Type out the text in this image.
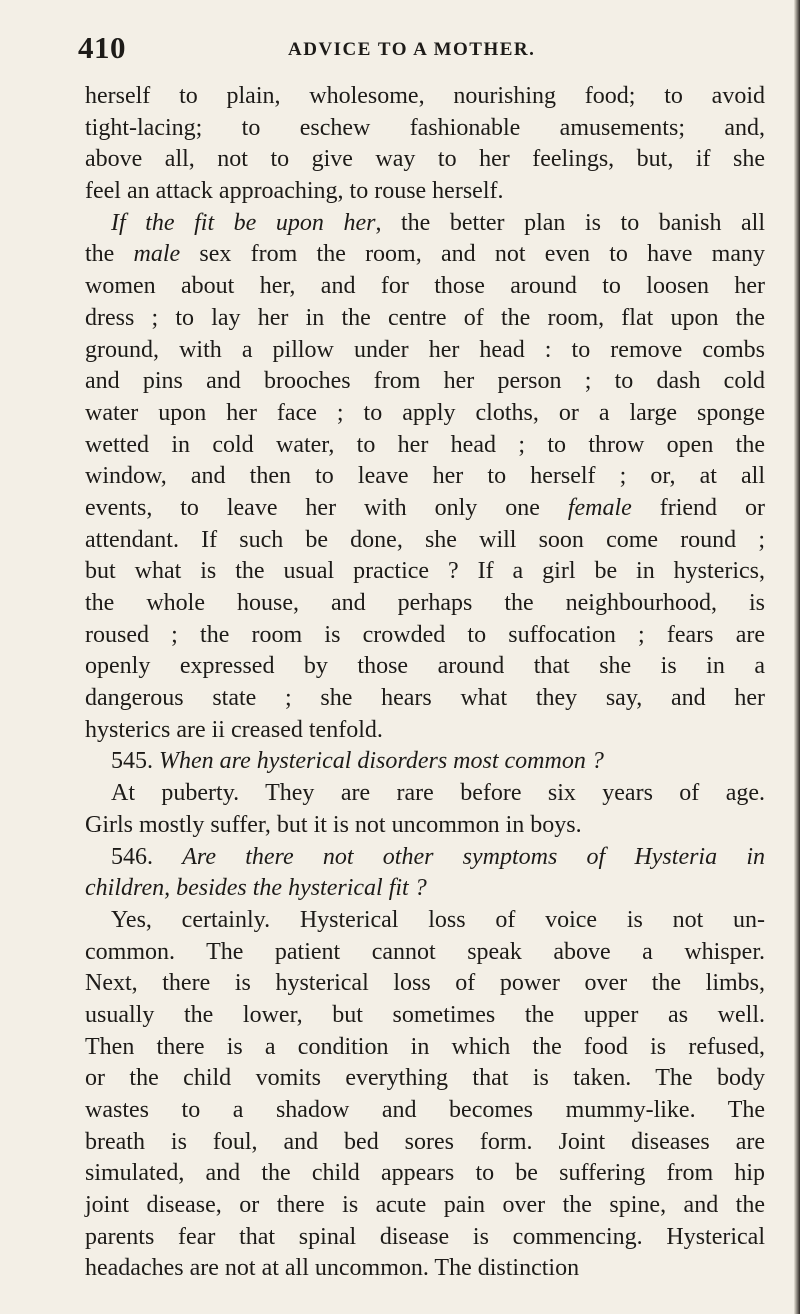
410	ADVICE TO A MOTHER.
herself to plain, wholesome, nourishing food; to avoid
tight-lacing; to eschew fashionable amusements; and,
above all, not to give way to her feelings, but, if she
feel an attack approaching, to rouse herself.
If the fit be upon her, the better plan is to banish all
the male sex from the room, and not even to have many
women about her, and for those around to loosen her
dress ; to lay her in the centre of the room, flat upon the
ground, with a pillow under her head : to remove combs
and pins and brooches from her person ; to dash cold
water upon her face ; to apply cloths, or a large sponge
wetted in cold water, to her head ; to throw open the
window, and then to leave her to herself ; or, at all
events, to leave her with only one female friend or
attendant. If such be done, she will soon come round ;
but what is the usual practice ? If a girl be in hysterics,
the whole house, and perhaps the neighbourhood, is
roused ; the room is crowded to suffocation ; fears are
openly expressed by those around that she is in a
dangerous state ; she hears what they say, and her
hysterics are ii creased tenfold.
545. When are hysterical disorders most common ?
At puberty. They are rare before six years of age.
Girls mostly suffer, but it is not uncommon in boys.
546. Are there not other symptoms of Hysteria in
children, besides the hysterical fit ?
Yes, certainly. Hysterical loss of voice is not un-
common. The patient cannot speak above a whisper.
Next, there is hysterical loss of power over the limbs,
usually the lower, but sometimes the upper as well.
Then there is a condition in which the food is refused,
or the child vomits everything that is taken. The body
wastes to a shadow and becomes mummy-like. The
breath is foul, and bed sores form. Joint diseases are
simulated, and the child appears to be suffering from hip
joint disease, or there is acute pain over the spine, and the
parents fear that spinal disease is commencing. Hysterical
headaches are not at all uncommon. The distinction
